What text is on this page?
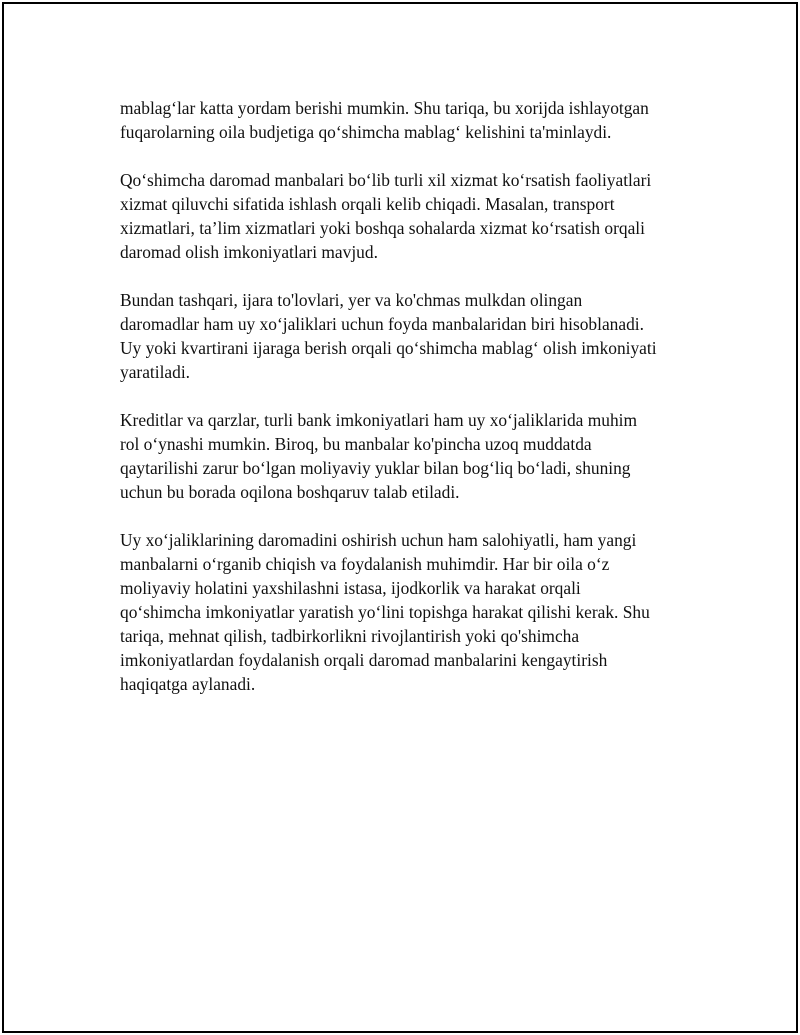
mablag‘lar katta yordam berishi mumkin. Shu tariqa, bu xorijda ishlayotgan
fuqarolarning oila budjetiga qo‘shimcha mablag‘ kelishini ta'minlaydi.

Qo‘shimcha daromad manbalari bo‘lib turli xil xizmat ko‘rsatish faoliyatlari
xizmat qiluvchi sifatida ishlash orqali kelib chiqadi. Masalan, transport
xizmatlari, ta’lim xizmatlari yoki boshqa sohalarda xizmat ko‘rsatish orqali
daromad olish imkoniyatlari mavjud.

Bundan tashqari, ijara to'lovlari, yer va ko'chmas mulkdan olingan
daromadlar ham uy xo‘jaliklari uchun foyda manbalaridan biri hisoblanadi.
Uy yoki kvartirani ijaraga berish orqali qo‘shimcha mablag‘ olish imkoniyati
yaratiladi.

Kreditlar va qarzlar, turli bank imkoniyatlari ham uy xo‘jaliklarida muhim
rol o‘ynashi mumkin. Biroq, bu manbalar ko'pincha uzoq muddatda
qaytarilishi zarur bo‘lgan moliyaviy yuklar bilan bog‘liq bo‘ladi, shuning
uchun bu borada oqilona boshqaruv talab etiladi.

Uy xo‘jaliklarining daromadini oshirish uchun ham salohiyatli, ham yangi
manbalarni o‘rganib chiqish va foydalanish muhimdir. Har bir oila o‘z
moliyaviy holatini yaxshilashni istasa, ijodkorlik va harakat orqali
qo‘shimcha imkoniyatlar yaratish yo‘lini topishga harakat qilishi kerak. Shu
tariqa, mehnat qilish, tadbirkorlikni rivojlantirish yoki qo'shimcha
imkoniyatlardan foydalanish orqali daromad manbalarini kengaytirish
haqiqatga aylanadi.
